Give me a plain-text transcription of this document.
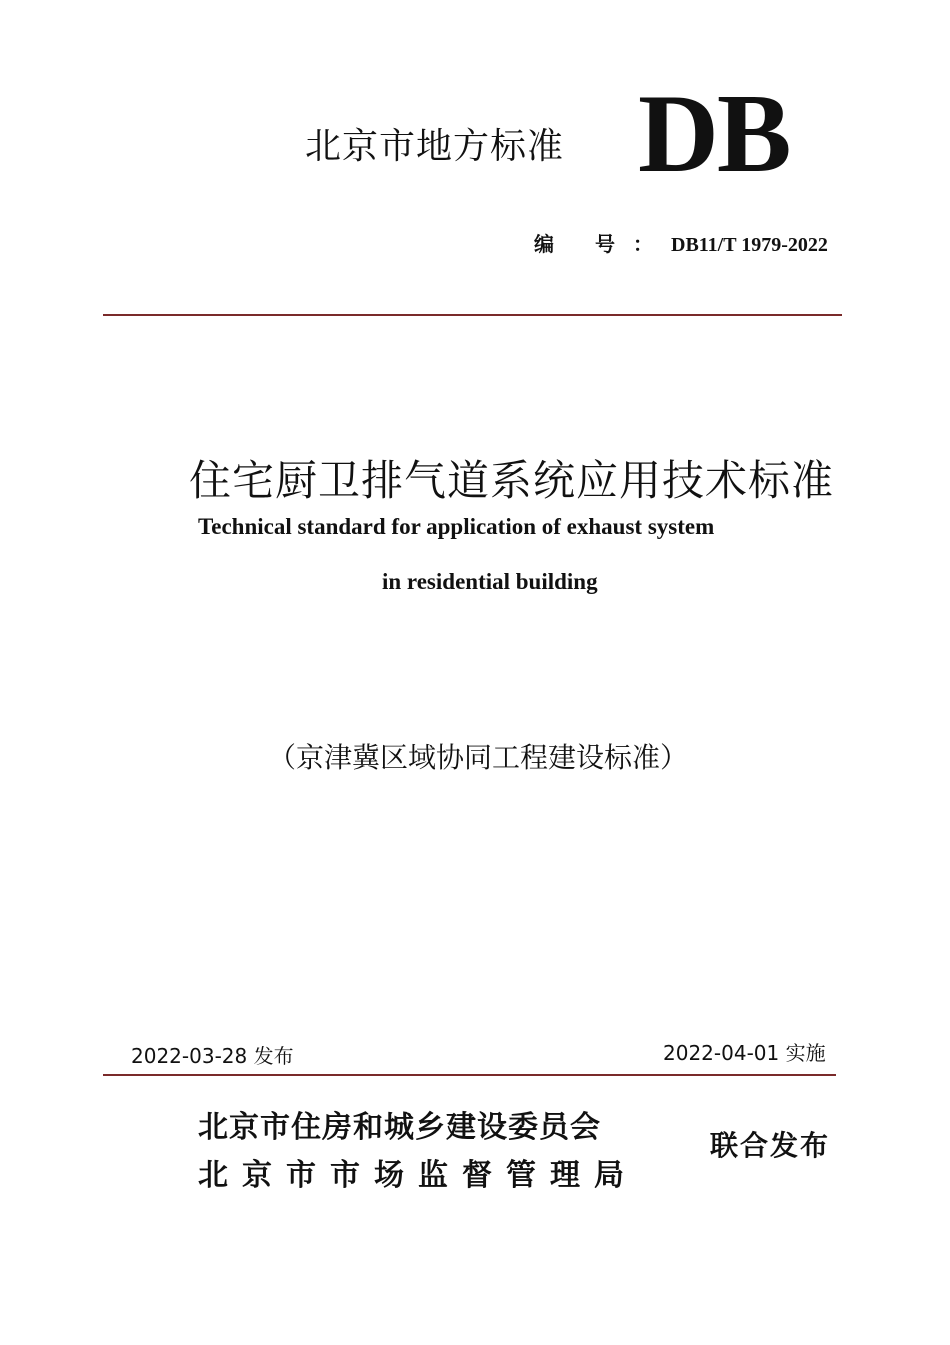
北京市地方标准 DB
编 号：DB11/T 1979-2022
住宅厨卫排气道系统应用技术标准
Technical standard for application of exhaust system
in residential building
（京津冀区域协同工程建设标准）
2022-03-28 发布	2022-04-01 实施
北京市住房和城乡建设委员会
北京市市场监督管理局
联合发布
